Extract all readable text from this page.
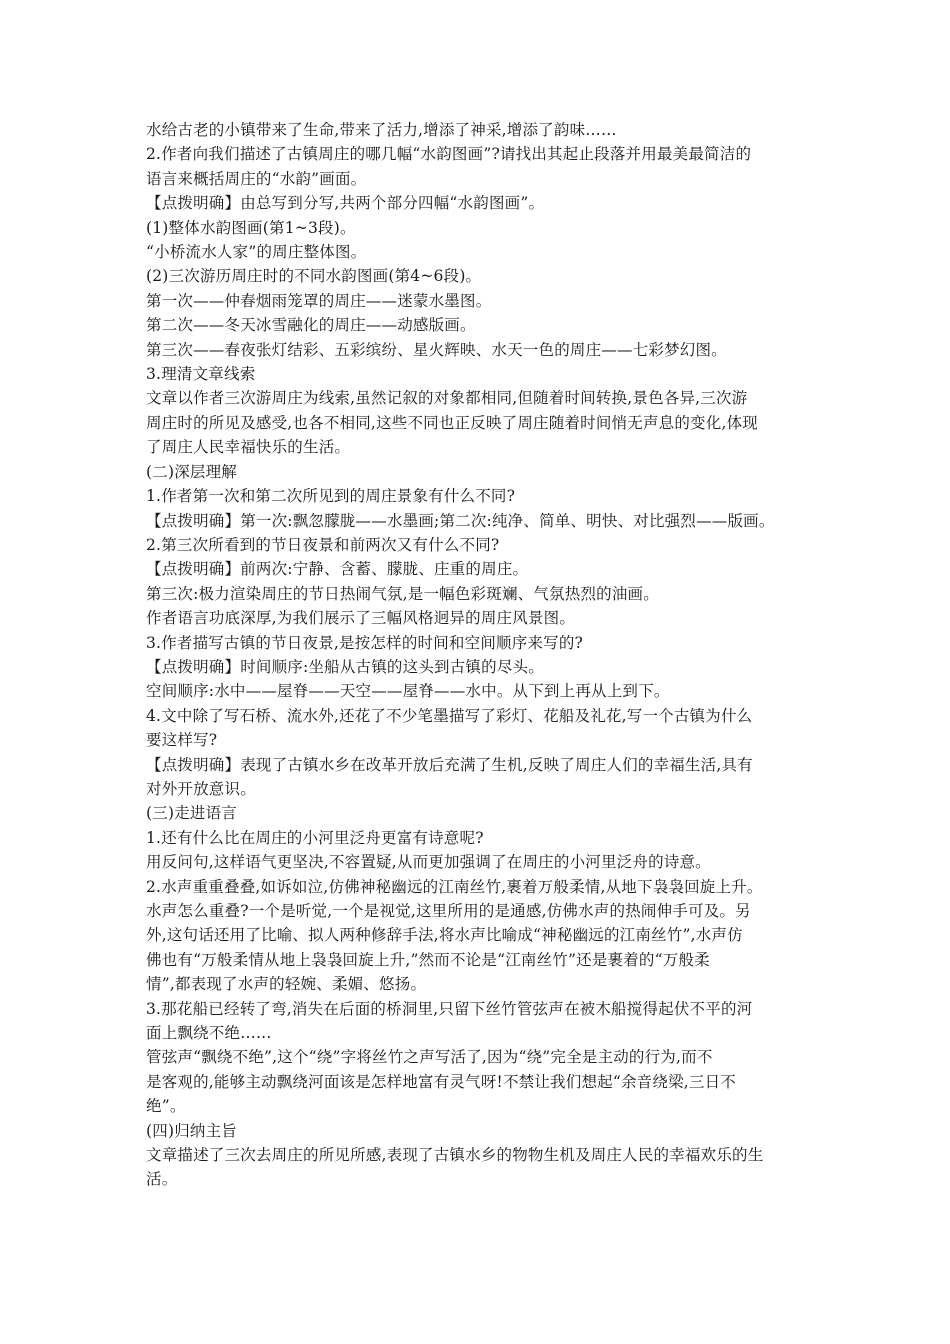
水给古老的小镇带来了生命,带来了活力,增添了神采,增添了韵味……

2.作者向我们描述了古镇周庄的哪几幅“水韵图画”?请找出其起止段落并用最美最简洁的

语言来概括周庄的“水韵”画面。

【点拨明确】由总写到分写,共两个部分四幅“水韵图画”。

(1)整体水韵图画(第1~3段)。

“小桥流水人家”的周庄整体图。

(2)三次游历周庄时的不同水韵图画(第4~6段)。

第一次——仲春烟雨笼罩的周庄——迷蒙水墨图。

第二次——冬天冰雪融化的周庄——动感版画。

第三次——春夜张灯结彩、五彩缤纷、星火辉映、水天一色的周庄——七彩梦幻图。

3.理清文章线索

文章以作者三次游周庄为线索,虽然记叙的对象都相同,但随着时间转换,景色各异,三次游

周庄时的所见及感受,也各不相同,这些不同也正反映了周庄随着时间悄无声息的变化,体现

了周庄人民幸福快乐的生活。

(二)深层理解

1.作者第一次和第二次所见到的周庄景象有什么不同?

【点拨明确】第一次:飘忽朦胧——水墨画;第二次:纯净、简单、明快、对比强烈——版画。

2.第三次所看到的节日夜景和前两次又有什么不同?

【点拨明确】前两次:宁静、含蓄、朦胧、庄重的周庄。

第三次:极力渲染周庄的节日热闹气氛,是一幅色彩斑斓、气氛热烈的油画。

作者语言功底深厚,为我们展示了三幅风格迥异的周庄风景图。

3.作者描写古镇的节日夜景,是按怎样的时间和空间顺序来写的?

【点拨明确】时间顺序:坐船从古镇的这头到古镇的尽头。

空间顺序:水中——屋脊——天空——屋脊——水中。从下到上再从上到下。

4.文中除了写石桥、流水外,还花了不少笔墨描写了彩灯、花船及礼花,写一个古镇为什么

要这样写?

【点拨明确】表现了古镇水乡在改革开放后充满了生机,反映了周庄人们的幸福生活,具有

对外开放意识。

(三)走进语言

1.还有什么比在周庄的小河里泛舟更富有诗意呢?

用反问句,这样语气更坚决,不容置疑,从而更加强调了在周庄的小河里泛舟的诗意。

2.水声重重叠叠,如诉如泣,仿佛神秘幽远的江南丝竹,裹着万般柔情,从地下袅袅回旋上升。

水声怎么重叠?一个是听觉,一个是视觉,这里所用的是通感,仿佛水声的热闹伸手可及。另

外,这句话还用了比喻、拟人两种修辞手法,将水声比喻成“神秘幽远的江南丝竹”,水声仿

佛也有“万般柔情从地上袅袅回旋上升,”然而不论是“江南丝竹”还是裹着的“万般柔

情”,都表现了水声的轻婉、柔媚、悠扬。

3.那花船已经转了弯,消失在后面的桥洞里,只留下丝竹管弦声在被木船搅得起伏不平的河

面上飘绕不绝……

管弦声“飘绕不绝”,这个“绕”字将丝竹之声写活了,因为“绕”完全是主动的行为,而不

是客观的,能够主动飘绕河面该是怎样地富有灵气呀!不禁让我们想起“余音绕梁,三日不

绝”。

(四)归纳主旨

文章描述了三次去周庄的所见所感,表现了古镇水乡的物物生机及周庄人民的幸福欢乐的生

活。
